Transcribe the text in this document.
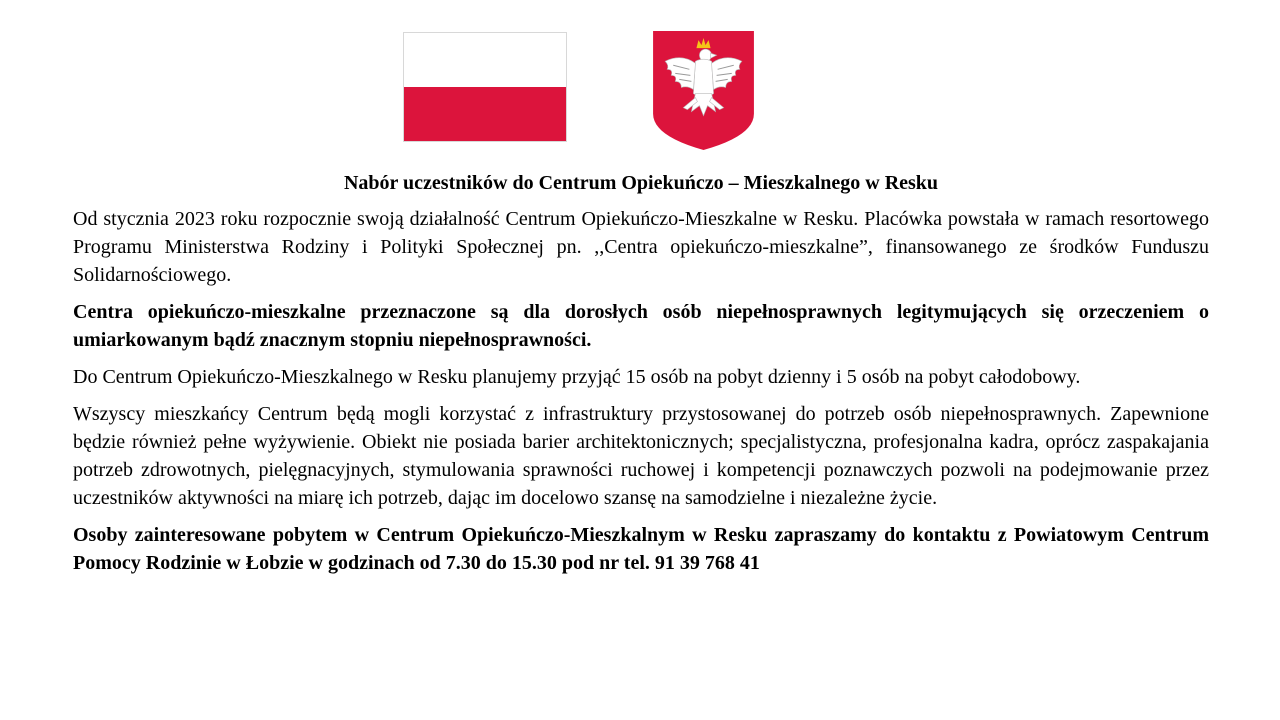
Nabór uczestników do Centrum Opiekuńczo – Mieszkalnego w Resku

Od stycznia 2023 roku rozpocznie swoją działalność Centrum Opiekuńczo-Mieszkalne w Resku. Placówka powstała w ramach resortowego Programu Ministerstwa Rodziny i Polityki Społecznej pn. ,,Centra opiekuńczo-mieszkalne”, finansowanego ze środków Funduszu Solidarnościowego.

Centra opiekuńczo-mieszkalne przeznaczone są dla dorosłych osób niepełnosprawnych legitymujących się orzeczeniem o umiarkowanym bądź znacznym stopniu niepełnosprawności.

Do Centrum Opiekuńczo-Mieszkalnego w Resku planujemy przyjąć 15 osób na pobyt dzienny i 5 osób na pobyt całodobowy.

Wszyscy mieszkańcy Centrum będą mogli korzystać z infrastruktury przystosowanej do potrzeb osób niepełnosprawnych. Zapewnione będzie również pełne wyżywienie. Obiekt nie posiada barier architektonicznych; specjalistyczna, profesjonalna kadra, oprócz zaspakajania potrzeb zdrowotnych, pielęgnacyjnych, stymulowania sprawności ruchowej i kompetencji poznawczych pozwoli na podejmowanie przez uczestników aktywności na miarę ich potrzeb, dając im docelowo szansę na samodzielne i niezależne życie.

Osoby zainteresowane pobytem w Centrum Opiekuńczo-Mieszkalnym w Resku zapraszamy do kontaktu z Powiatowym Centrum Pomocy Rodzinie w Łobzie w godzinach od 7.30 do 15.30 pod nr tel. 91 39 768 41
